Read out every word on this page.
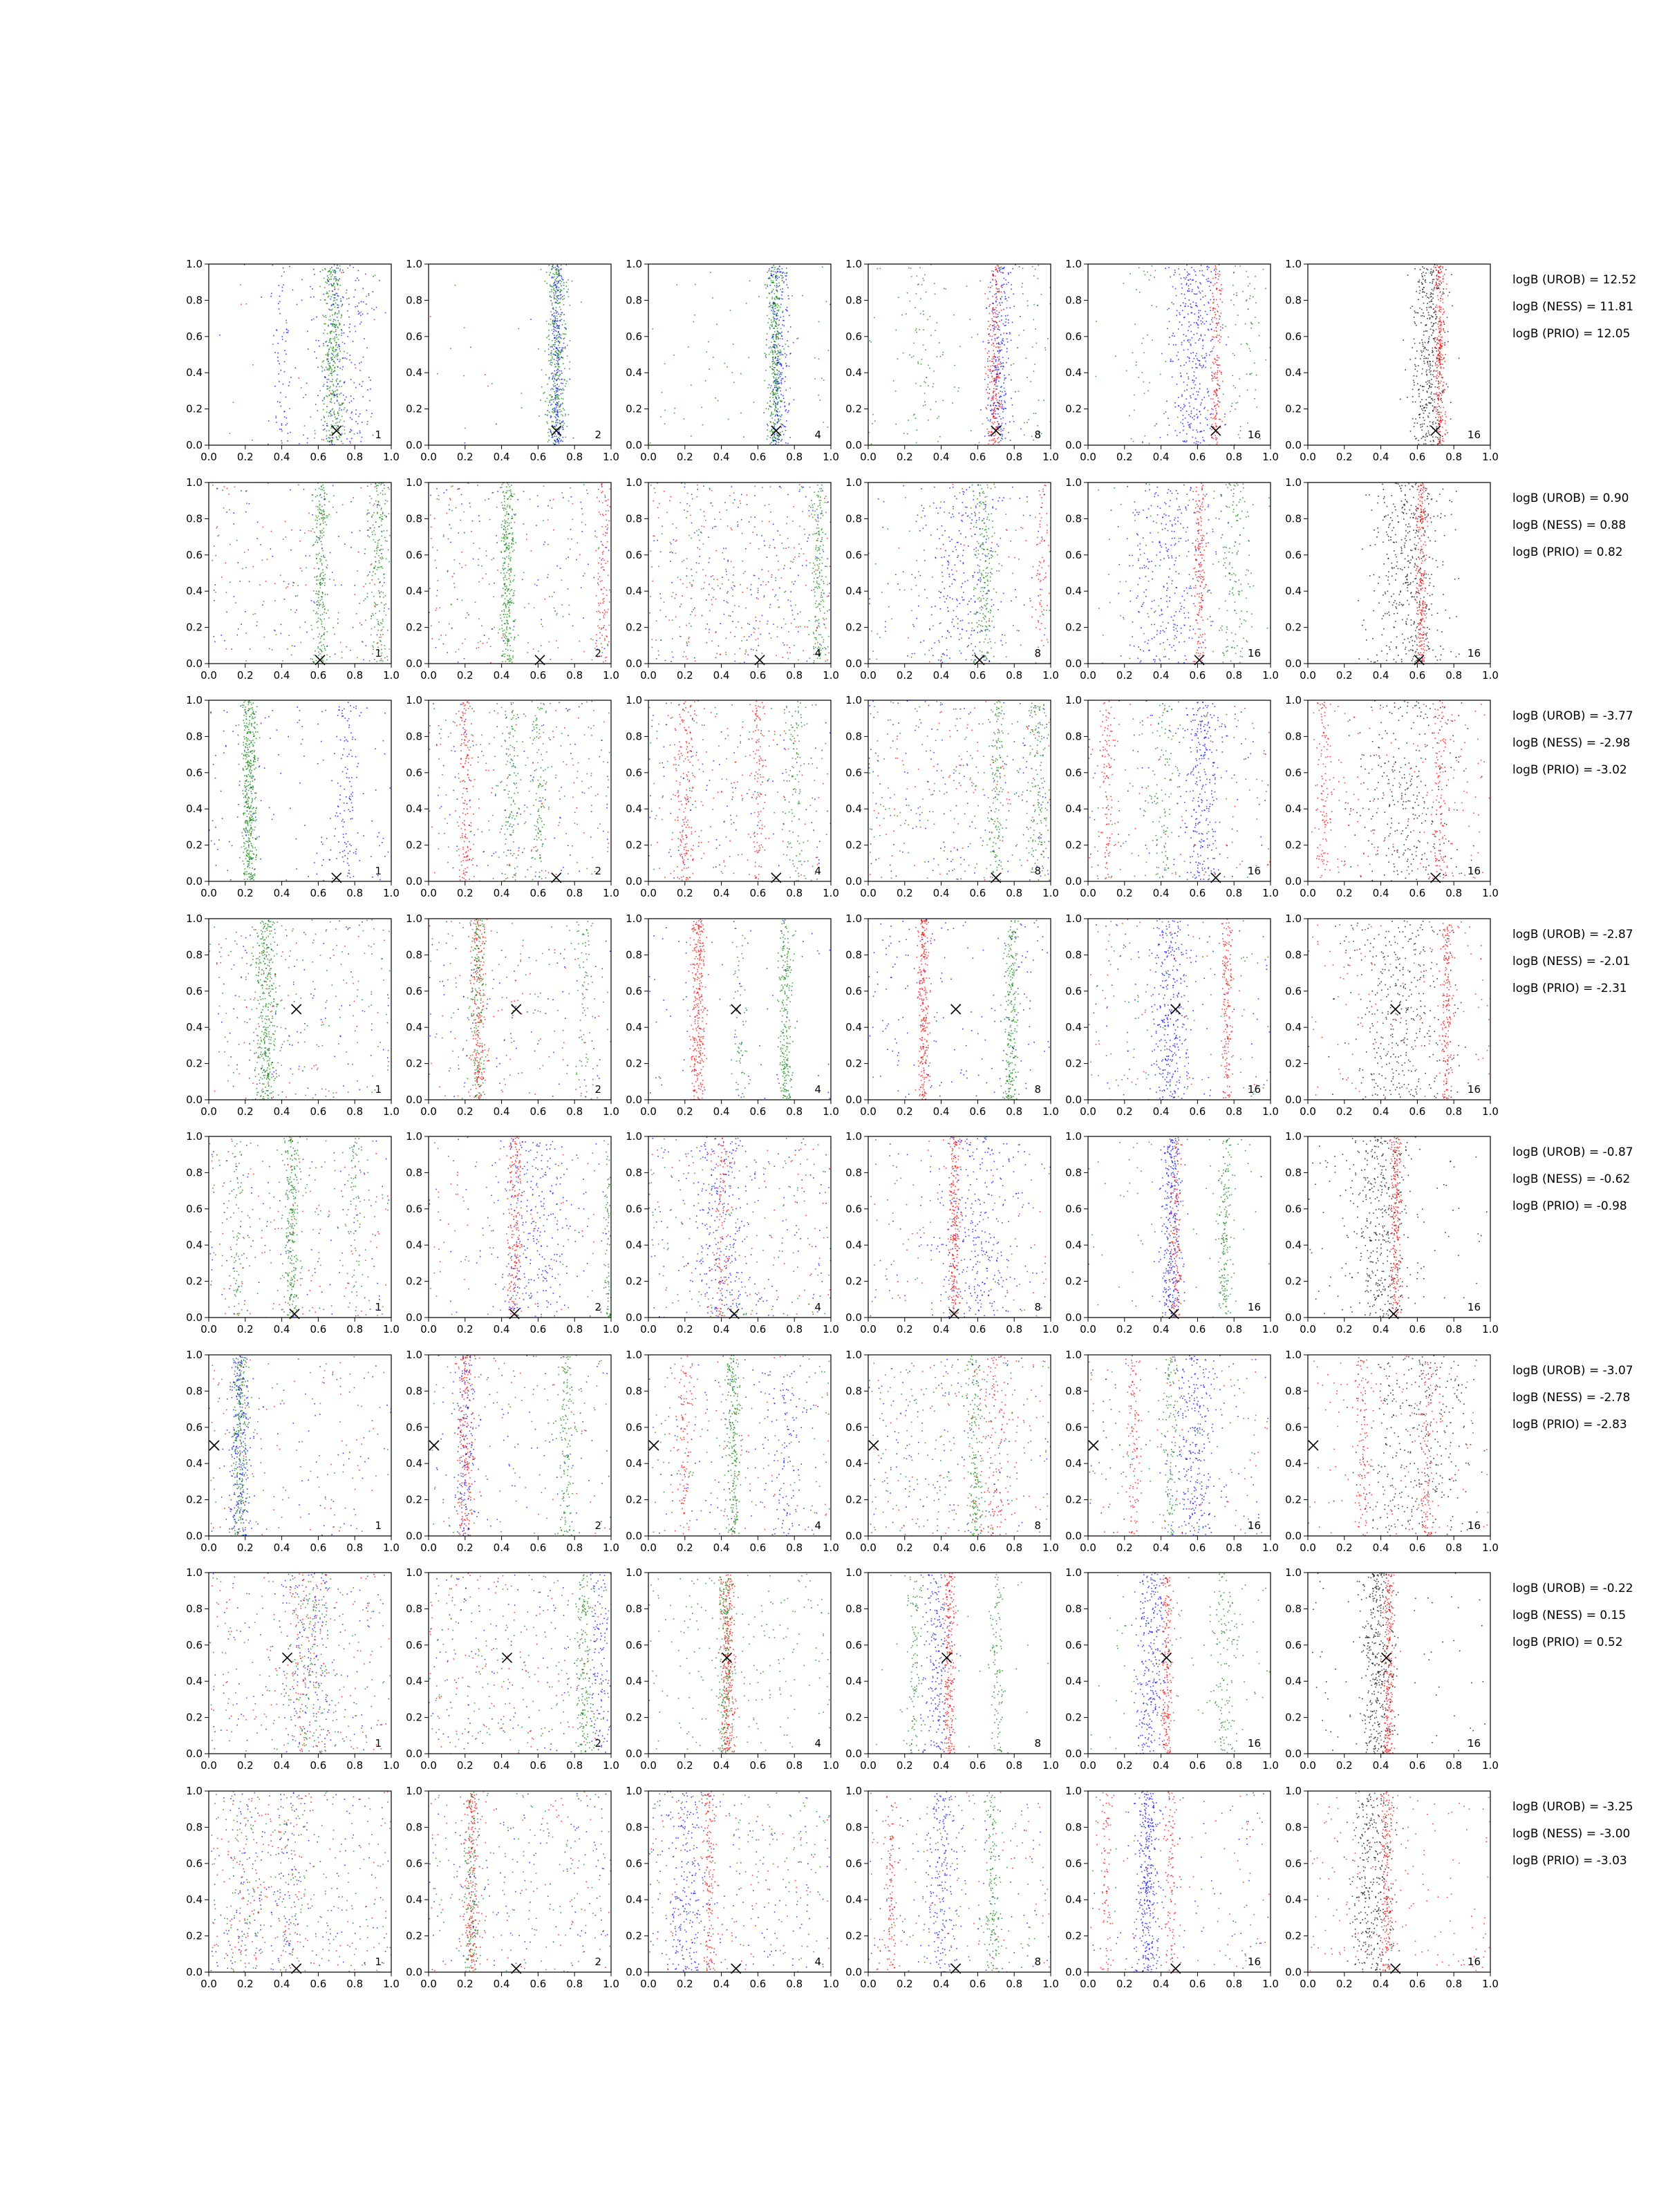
0.0 0.2 0.4 0.6 0.8 1.0
0.0
0.2
0.4
0.6
0.8
1.0
1
0.0 0.2 0.4 0.6 0.8 1.0
0.0
0.2
0.4
0.6
0.8
1.0
2
0.0 0.2 0.4 0.6 0.8 1.0
0.0
0.2
0.4
0.6
0.8
1.0
4
0.0 0.2 0.4 0.6 0.8 1.0
0.0
0.2
0.4
0.6
0.8
1.0
8
0.0 0.2 0.4 0.6 0.8 1.0
0.0
0.2
0.4
0.6
0.8
1.0
16
0.0 0.2 0.4 0.6 0.8 1.0
0.0
0.2
0.4
0.6
0.8
1.0
16
logB (UROB) = 12.52
logB (NESS) = 11.81
logB (PRIO) = 12.05
0.0 0.2 0.4 0.6 0.8 1.0
0.0
0.2
0.4
0.6
0.8
1.0
1
0.0 0.2 0.4 0.6 0.8 1.0
0.0
0.2
0.4
0.6
0.8
1.0
2
0.0 0.2 0.4 0.6 0.8 1.0
0.0
0.2
0.4
0.6
0.8
1.0
4
0.0 0.2 0.4 0.6 0.8 1.0
0.0
0.2
0.4
0.6
0.8
1.0
8
0.0 0.2 0.4 0.6 0.8 1.0
0.0
0.2
0.4
0.6
0.8
1.0
16
0.0 0.2 0.4 0.6 0.8 1.0
0.0
0.2
0.4
0.6
0.8
1.0
16
logB (UROB) = 0.90
logB (NESS) = 0.88
logB (PRIO) = 0.82
0.0 0.2 0.4 0.6 0.8 1.0
0.0
0.2
0.4
0.6
0.8
1.0
1
0.0 0.2 0.4 0.6 0.8 1.0
0.0
0.2
0.4
0.6
0.8
1.0
2
0.0 0.2 0.4 0.6 0.8 1.0
0.0
0.2
0.4
0.6
0.8
1.0
4
0.0 0.2 0.4 0.6 0.8 1.0
0.0
0.2
0.4
0.6
0.8
1.0
8
0.0 0.2 0.4 0.6 0.8 1.0
0.0
0.2
0.4
0.6
0.8
1.0
16
0.0 0.2 0.4 0.6 0.8 1.0
0.0
0.2
0.4
0.6
0.8
1.0
16
logB (UROB) = -3.77
logB (NESS) = -2.98
logB (PRIO) = -3.02
0.0 0.2 0.4 0.6 0.8 1.0
0.0
0.2
0.4
0.6
0.8
1.0
1
0.0 0.2 0.4 0.6 0.8 1.0
0.0
0.2
0.4
0.6
0.8
1.0
2
0.0 0.2 0.4 0.6 0.8 1.0
0.0
0.2
0.4
0.6
0.8
1.0
4
0.0 0.2 0.4 0.6 0.8 1.0
0.0
0.2
0.4
0.6
0.8
1.0
8
0.0 0.2 0.4 0.6 0.8 1.0
0.0
0.2
0.4
0.6
0.8
1.0
16
0.0 0.2 0.4 0.6 0.8 1.0
0.0
0.2
0.4
0.6
0.8
1.0
16
logB (UROB) = -2.87
logB (NESS) = -2.01
logB (PRIO) = -2.31
0.0 0.2 0.4 0.6 0.8 1.0
0.0
0.2
0.4
0.6
0.8
1.0
1
0.0 0.2 0.4 0.6 0.8 1.0
0.0
0.2
0.4
0.6
0.8
1.0
2
0.0 0.2 0.4 0.6 0.8 1.0
0.0
0.2
0.4
0.6
0.8
1.0
4
0.0 0.2 0.4 0.6 0.8 1.0
0.0
0.2
0.4
0.6
0.8
1.0
8
0.0 0.2 0.4 0.6 0.8 1.0
0.0
0.2
0.4
0.6
0.8
1.0
16
0.0 0.2 0.4 0.6 0.8 1.0
0.0
0.2
0.4
0.6
0.8
1.0
16
logB (UROB) = -0.87
logB (NESS) = -0.62
logB (PRIO) = -0.98
0.0 0.2 0.4 0.6 0.8 1.0
0.0
0.2
0.4
0.6
0.8
1.0
1
0.0 0.2 0.4 0.6 0.8 1.0
0.0
0.2
0.4
0.6
0.8
1.0
2
0.0 0.2 0.4 0.6 0.8 1.0
0.0
0.2
0.4
0.6
0.8
1.0
4
0.0 0.2 0.4 0.6 0.8 1.0
0.0
0.2
0.4
0.6
0.8
1.0
8
0.0 0.2 0.4 0.6 0.8 1.0
0.0
0.2
0.4
0.6
0.8
1.0
16
0.0 0.2 0.4 0.6 0.8 1.0
0.0
0.2
0.4
0.6
0.8
1.0
16
logB (UROB) = -3.07
logB (NESS) = -2.78
logB (PRIO) = -2.83
0.0 0.2 0.4 0.6 0.8 1.0
0.0
0.2
0.4
0.6
0.8
1.0
1
0.0 0.2 0.4 0.6 0.8 1.0
0.0
0.2
0.4
0.6
0.8
1.0
2
0.0 0.2 0.4 0.6 0.8 1.0
0.0
0.2
0.4
0.6
0.8
1.0
4
0.0 0.2 0.4 0.6 0.8 1.0
0.0
0.2
0.4
0.6
0.8
1.0
8
0.0 0.2 0.4 0.6 0.8 1.0
0.0
0.2
0.4
0.6
0.8
1.0
16
0.0 0.2 0.4 0.6 0.8 1.0
0.0
0.2
0.4
0.6
0.8
1.0
16
logB (UROB) = -0.22
logB (NESS) = 0.15
logB (PRIO) = 0.52
0.0 0.2 0.4 0.6 0.8 1.0
0.0
0.2
0.4
0.6
0.8
1.0
1
0.0 0.2 0.4 0.6 0.8 1.0
0.0
0.2
0.4
0.6
0.8
1.0
2
0.0 0.2 0.4 0.6 0.8 1.0
0.0
0.2
0.4
0.6
0.8
1.0
4
0.0 0.2 0.4 0.6 0.8 1.0
0.0
0.2
0.4
0.6
0.8
1.0
8
0.0 0.2 0.4 0.6 0.8 1.0
0.0
0.2
0.4
0.6
0.8
1.0
16
0.0 0.2 0.4 0.6 0.8 1.0
0.0
0.2
0.4
0.6
0.8
1.0
16
logB (UROB) = -3.25
logB (NESS) = -3.00
logB (PRIO) = -3.03
